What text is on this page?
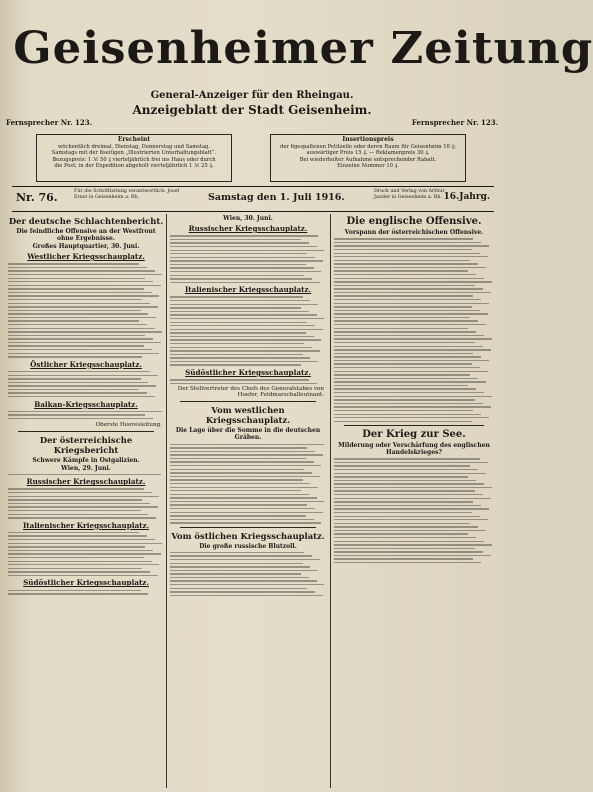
Fernsprecher Nr. 123.	Fernsprecher Nr. 123.
Geisenheimer Zeitung
General-Anzeiger für den Rheingau.
Anzeigeblatt der Stadt Geisenheim.
Erscheint
wöchentlich dreimal, Dienstag, Donnerstag und Samstag.
Samstags mit der 8seitigen „Illustrierten Unterhaltungsblatt“.
Bezugspreis: 1 ℳ 50 ₰ vierteljährlich frei ins Haus oder durch
die Post; in der Expedition abgeholt vierteljährlich 1 ℳ 25 ₰.
Insertionspreis
der 6gespaltenen Petitzeile oder deren Raum für Geisenheim 10 ₰;
auswärtiger Preis 15 ₰. — Reklamenpreis 30 ₰.
Bei wiederholter Aufnahme entsprechender Rabatt.
Einzelne Nummer 10 ₰.
Nr. 76.	Für die Schriftleitung verantwortlich: Josef Ernst in Geisenheim a. Rh.	Samstag den 1. Juli 1916.
Druck und Verlag von Arthur Jander in Geisenheim a. Rh. 16.Jahrg.
Der deutsche Schlachtenbericht.
Die feindliche Offensive an der Westfront ohne Ergebnisse.
Großes Hauptquartier, 30. Juni.
Westlicher Kriegsschauplatz.
Östlicher Kriegsschauplatz.
Balkan-Kriegsschauplatz.
Oberste Heeresleitung.
Der österreichische Kriegsbericht
Schwere Kämpfe in Ostgalizien.
Wien, 29. Juni.
Russischer Kriegsschauplatz.
Italienischer Kriegsschauplatz.
Südöstlicher Kriegsschauplatz.
Wien, 30. Juni.
Russischer Kriegsschauplatz.
Italienischer Kriegsschauplatz.
Südöstlicher Kriegsschauplatz.
Der Stellvertreter des Chefs des Generalstabes von Hoefer, Feldmarschalleutnant.
Vom westlichen Kriegsschauplatz.
Die Lage über die Somme in die deutschen Gräben.
Vom östlichen Kriegsschauplatz.
Die große russische Blutzoll.
Die englische Offensive.
Vorspann der österreichischen Offensive.
Der Krieg zur See.
Milderung oder Verschärfung des englischen Handelskrieges?
